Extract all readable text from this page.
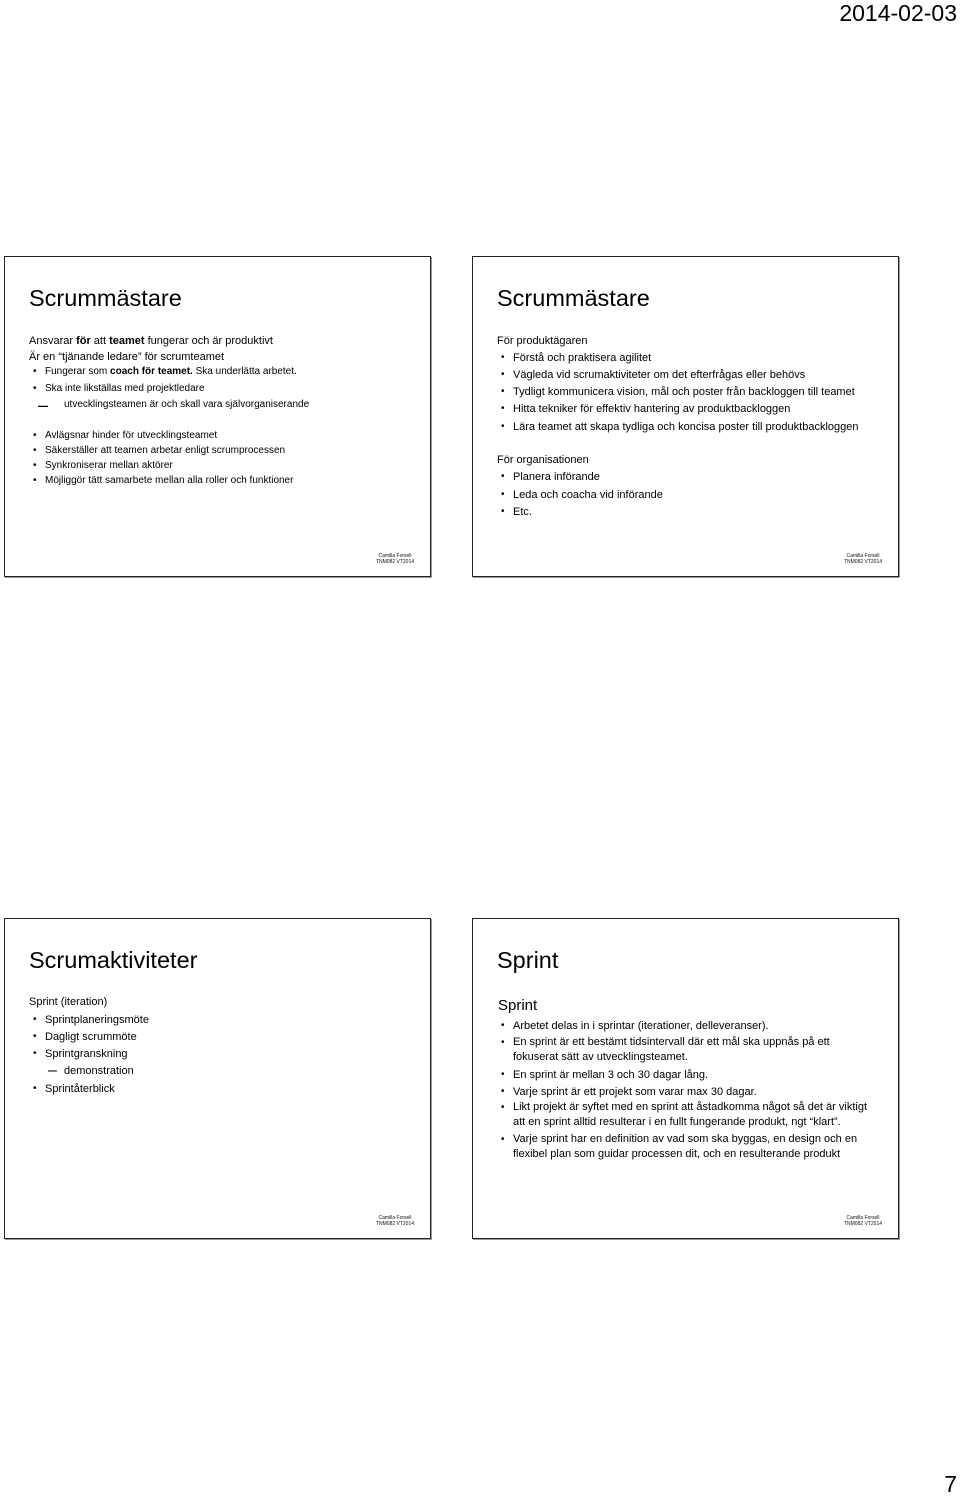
2014-02-03
Scrummästare
Ansvarar för att teamet fungerar och är produktivt
Är en “tjänande ledare” för scrumteamet
• Fungerar som coach för teamet. Ska underlätta arbetet.
• Ska inte likställas med projektledare
– utvecklingsteamen är och skall vara självorganiserande
• Avlägsnar hinder för utvecklingsteamet
• Säkerställer att teamen arbetar enligt scrumprocessen
• Synkroniserar mellan aktörer
• Möjliggör tätt samarbete mellan alla roller och funktioner
Camilla Forsell
TNM082 VT2014
Scrummästare
För produktägaren
• Förstå och praktisera agilitet
• Vägleda vid scrumaktiviteter om det efterfrågas eller behövs
• Tydligt kommunicera vision, mål och poster från backloggen till teamet
• Hitta tekniker för effektiv hantering av produktbackloggen
• Lära teamet att skapa tydliga och koncisa poster till produktbackloggen
För organisationen
• Planera införande
• Leda och coacha vid införande
• Etc.
Camilla Forsell
TNM082 VT2014
Scrumaktiviteter
Sprint (iteration)
• Sprintplaneringsmöte
• Dagligt scrummöte
• Sprintgranskning
– demonstration
• Sprintåterblick
Camilla Forsell
TNM082 VT2014
Sprint
Sprint
• Arbetet delas in i sprintar (iterationer, delleveranser).
• En sprint är ett bestämt tidsintervall där ett mål ska uppnås på ett fokuserat sätt av utvecklingsteamet.
• En sprint är mellan 3 och 30 dagar lång.
• Varje sprint är ett projekt som varar max 30 dagar.
• Likt projekt är syftet med en sprint att åstadkomma något så det är viktigt att en sprint alltid resulterar i en fullt fungerande produkt, ngt “klart”.
• Varje sprint har en definition av vad som ska byggas, en design och en flexibel plan som guidar processen dit, och en resulterande produkt
Camilla Forsell
TNM082 VT2014
7
